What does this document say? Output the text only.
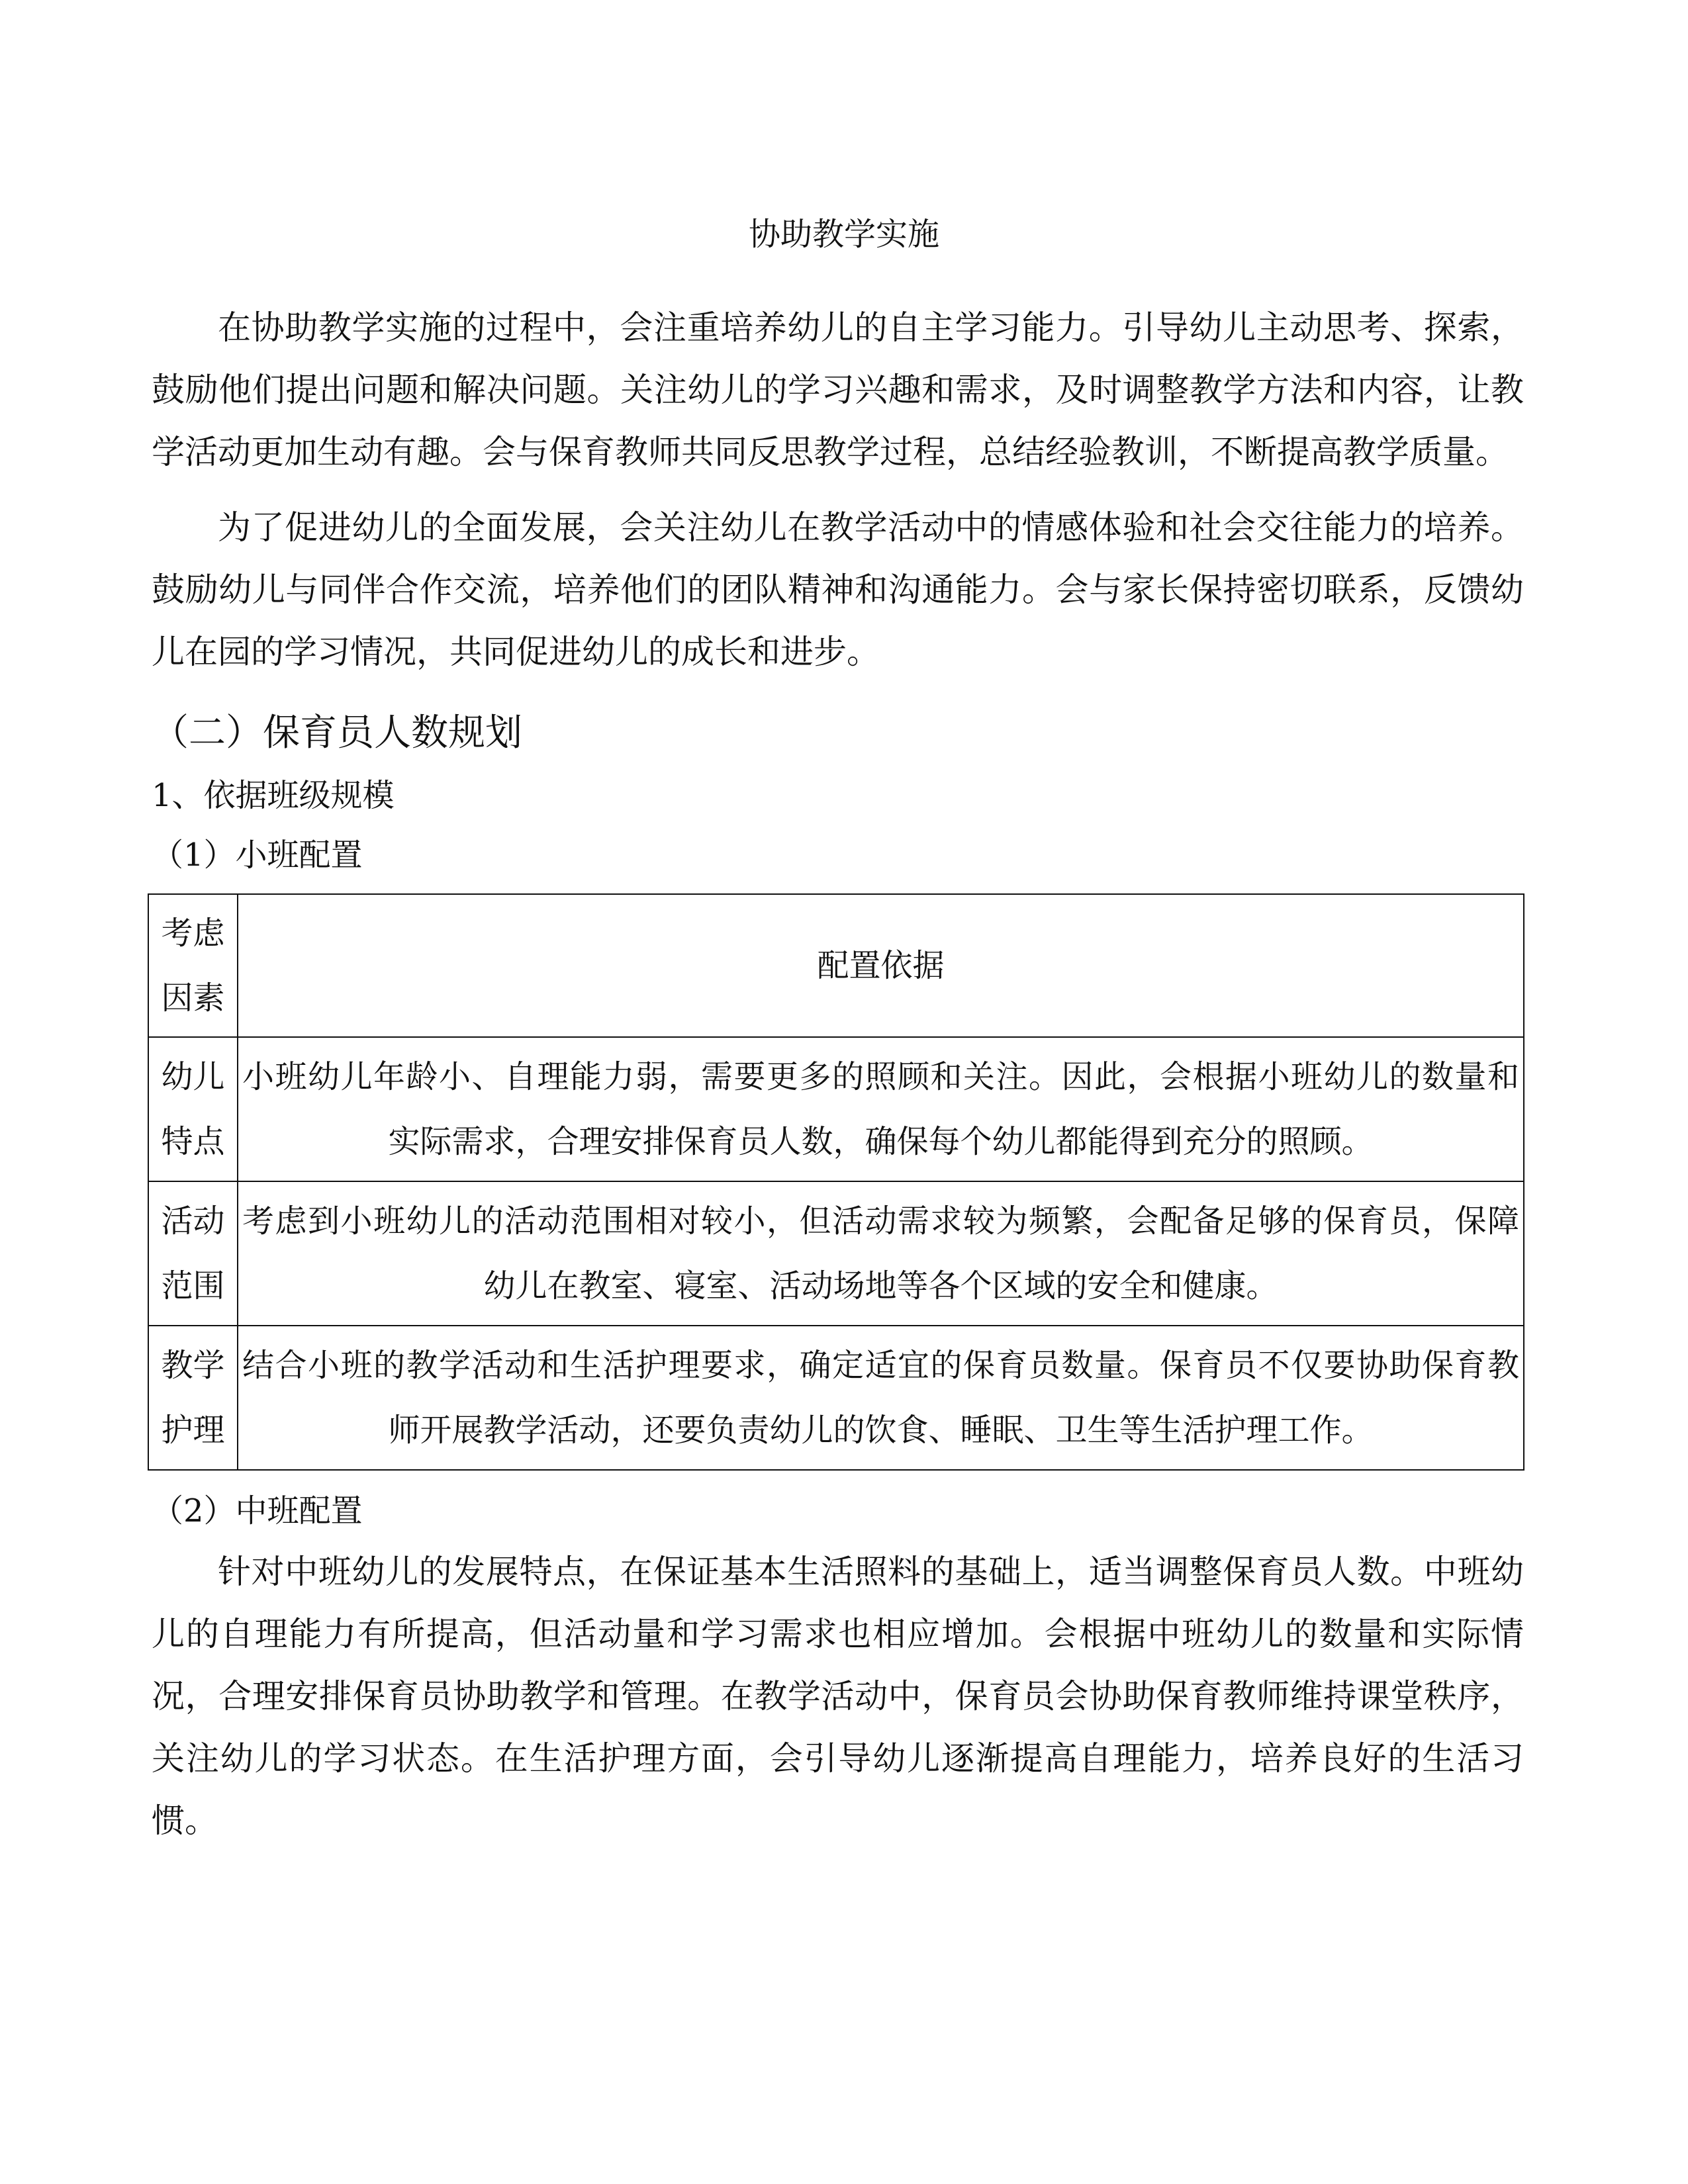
协助教学实施
在协助教学实施的过程中，会注重培养幼儿的自主学习能力。引导幼儿主动思考、探索，
鼓励他们提出问题和解决问题。关注幼儿的学习兴趣和需求，及时调整教学方法和内容，让教
学活动更加生动有趣。会与保育教师共同反思教学过程，总结经验教训，不断提高教学质量。
为了促进幼儿的全面发展，会关注幼儿在教学活动中的情感体验和社会交往能力的培养。
鼓励幼儿与同伴合作交流，培养他们的团队精神和沟通能力。会与家长保持密切联系，反馈幼
儿在园的学习情况，共同促进幼儿的成长和进步。
（二）保育员人数规划
1、依据班级规模
（1）小班配置
考虑
因素	配置依据
幼儿
特点	小班幼儿年龄小、自理能力弱，需要更多的照顾和关注。因此，会根据小班幼儿的数量和
实际需求，合理安排保育员人数，确保每个幼儿都能得到充分的照顾。

活动
范围	考虑到小班幼儿的活动范围相对较小，但活动需求较为频繁，会配备足够的保育员，保障
幼儿在教室、寝室、活动场地等各个区域的安全和健康。

教学
护理	结合小班的教学活动和生活护理要求，确定适宜的保育员数量。保育员不仅要协助保育教
师开展教学活动，还要负责幼儿的饮食、睡眠、卫生等生活护理工作。
（2）中班配置
针对中班幼儿的发展特点，在保证基本生活照料的基础上，适当调整保育员人数。中班幼
儿的自理能力有所提高，但活动量和学习需求也相应增加。会根据中班幼儿的数量和实际情
况，合理安排保育员协助教学和管理。在教学活动中，保育员会协助保育教师维持课堂秩序，
关注幼儿的学习状态。在生活护理方面，会引导幼儿逐渐提高自理能力，培养良好的生活习
惯。
